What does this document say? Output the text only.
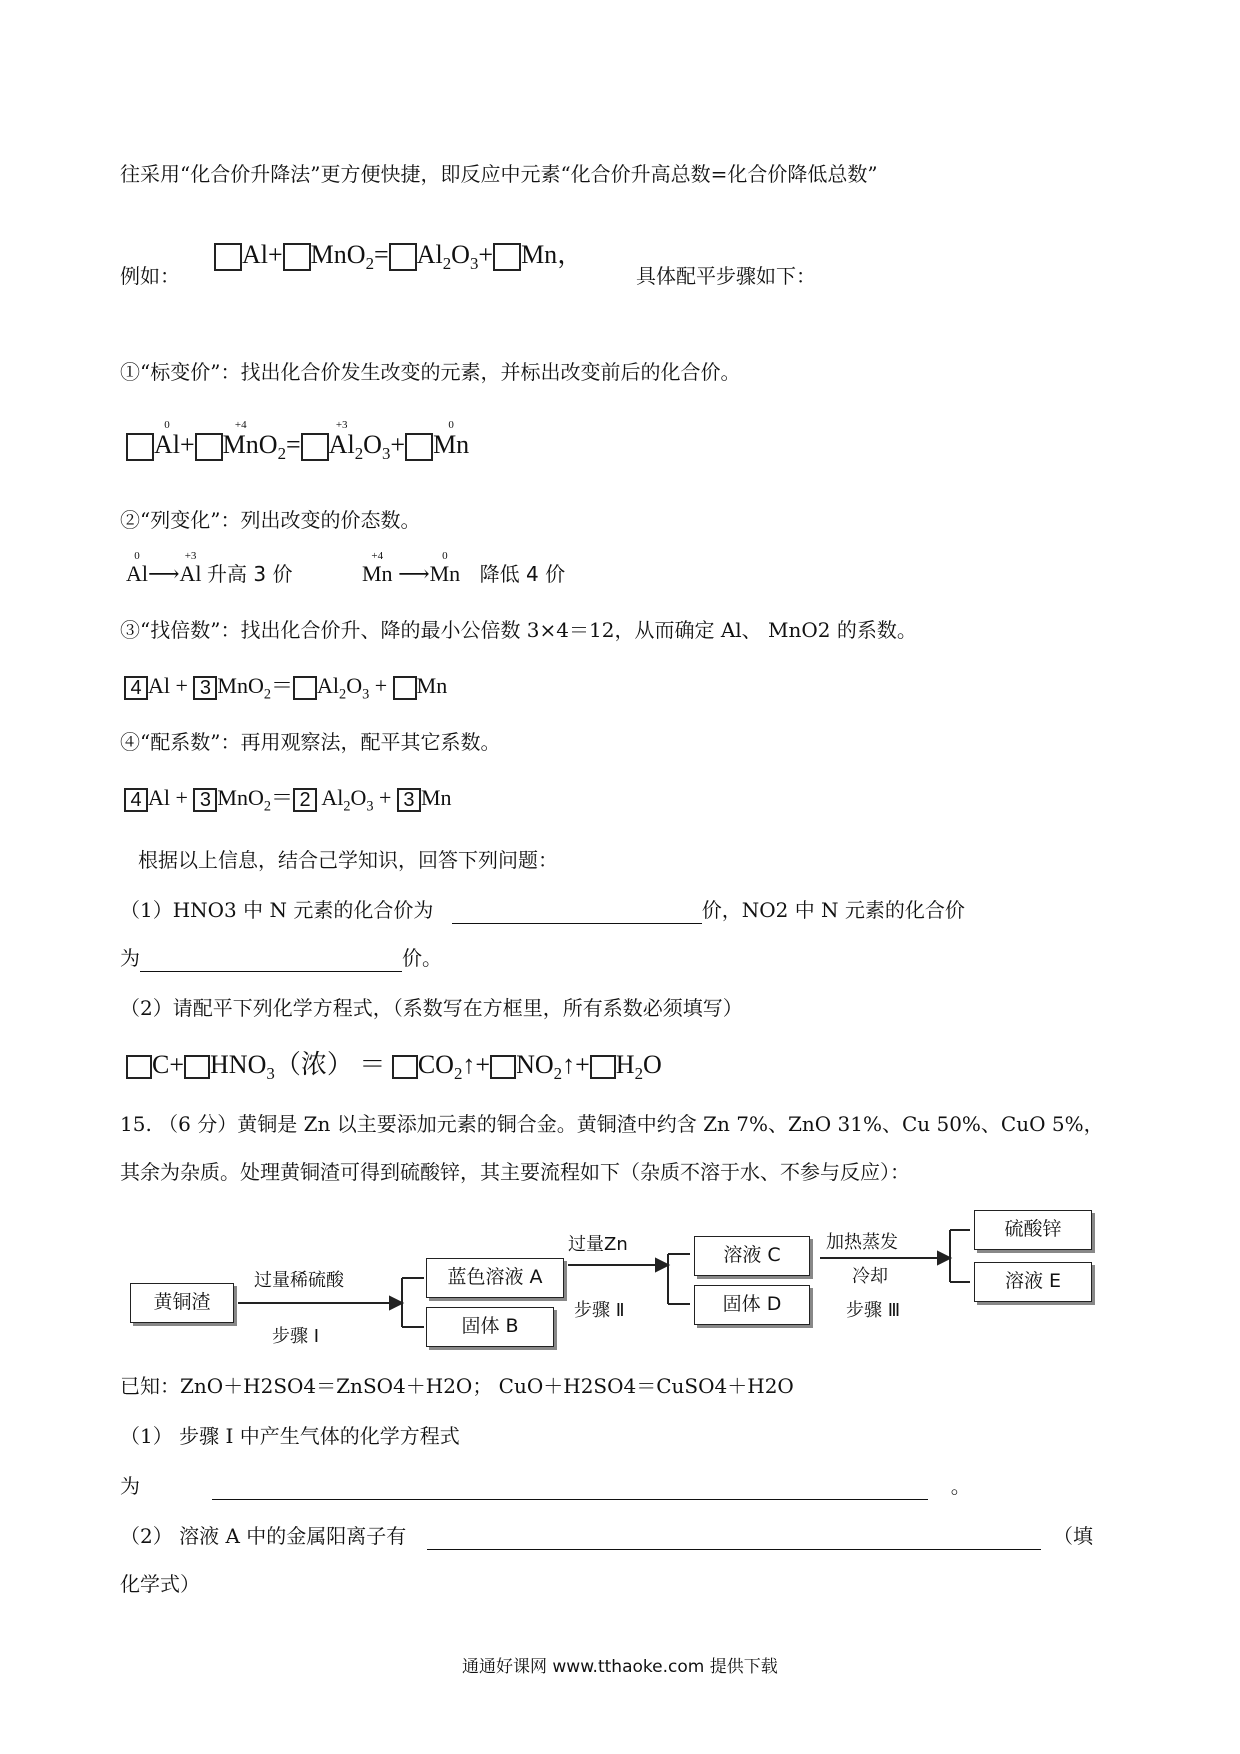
往采用“化合价升降法”更方便快捷，即反应中元素“化合价升高总数=化合价降低总数”
例如：
$Al+ MnO_2= Al_2O_3+ Mn$，
具体配平步骤如下：
①“标变价”：找出化合价发生改变的元素，并标出改变前后的化合价。
0
Al+
+4
MnO$_2$=
+3
$Al_2O_3+$
0
Mn
②“列变化”：列出改变的价态数。
0
Al⟶
+3
Al 升高 3 价
+4
Mn ⟶
0
Mn 降低 4 价
③“找倍数”：找出化合价升、降的最小公倍数 3×4＝12，从而确定 Al、 MnO2 的系数。
4 Al + 3 $MnO_2= Al_2O_3 + Mn$
④“配系数”：再用观察法，配平其它系数。
4 Al + 3 MnO$_2$＝ 2 $Al_2O_3 + 3$ Mn
根据以上信息，结合己学知识，回答下列问题：
（1）HNO3 中 N 元素的化合价为	价，NO2 中 N 元素的化合价
为	价。
（2）请配平下列化学方程式，（系数写在方框里，所有系数必须填写）
$C+ HNO_3$（浓） ＝ $CO_2↑+$ $NO_2↑+ H_2O$
15. （6 分）黄铜是 Zn 以主要添加元素的铜合金。黄铜渣中约含 Zn 7%、ZnO 31%、Cu 50%、CuO 5%，
其余为杂质。处理黄铜渣可得到硫酸锌，其主要流程如下（杂质不溶于水、不参与反应）：
黄铜渣
过量稀硫酸
步骤 Ⅰ
蓝色溶液 A
固体 B
过量Zn
步骤 Ⅱ
溶液 C
固体 D
加热蒸发
冷却
步骤 Ⅲ
硫酸锌
溶液 E
已知：ZnO＋H2SO4＝ZnSO4＋H2O； CuO＋H2SO4＝CuSO4＋H2O
（1） 步骤 Ⅰ 中产生气体的化学方程式
为	。
（2） 溶液 A 中的金属阳离子有	（填
化学式）
通通好课网 www.tthaoke.com 提供下载
